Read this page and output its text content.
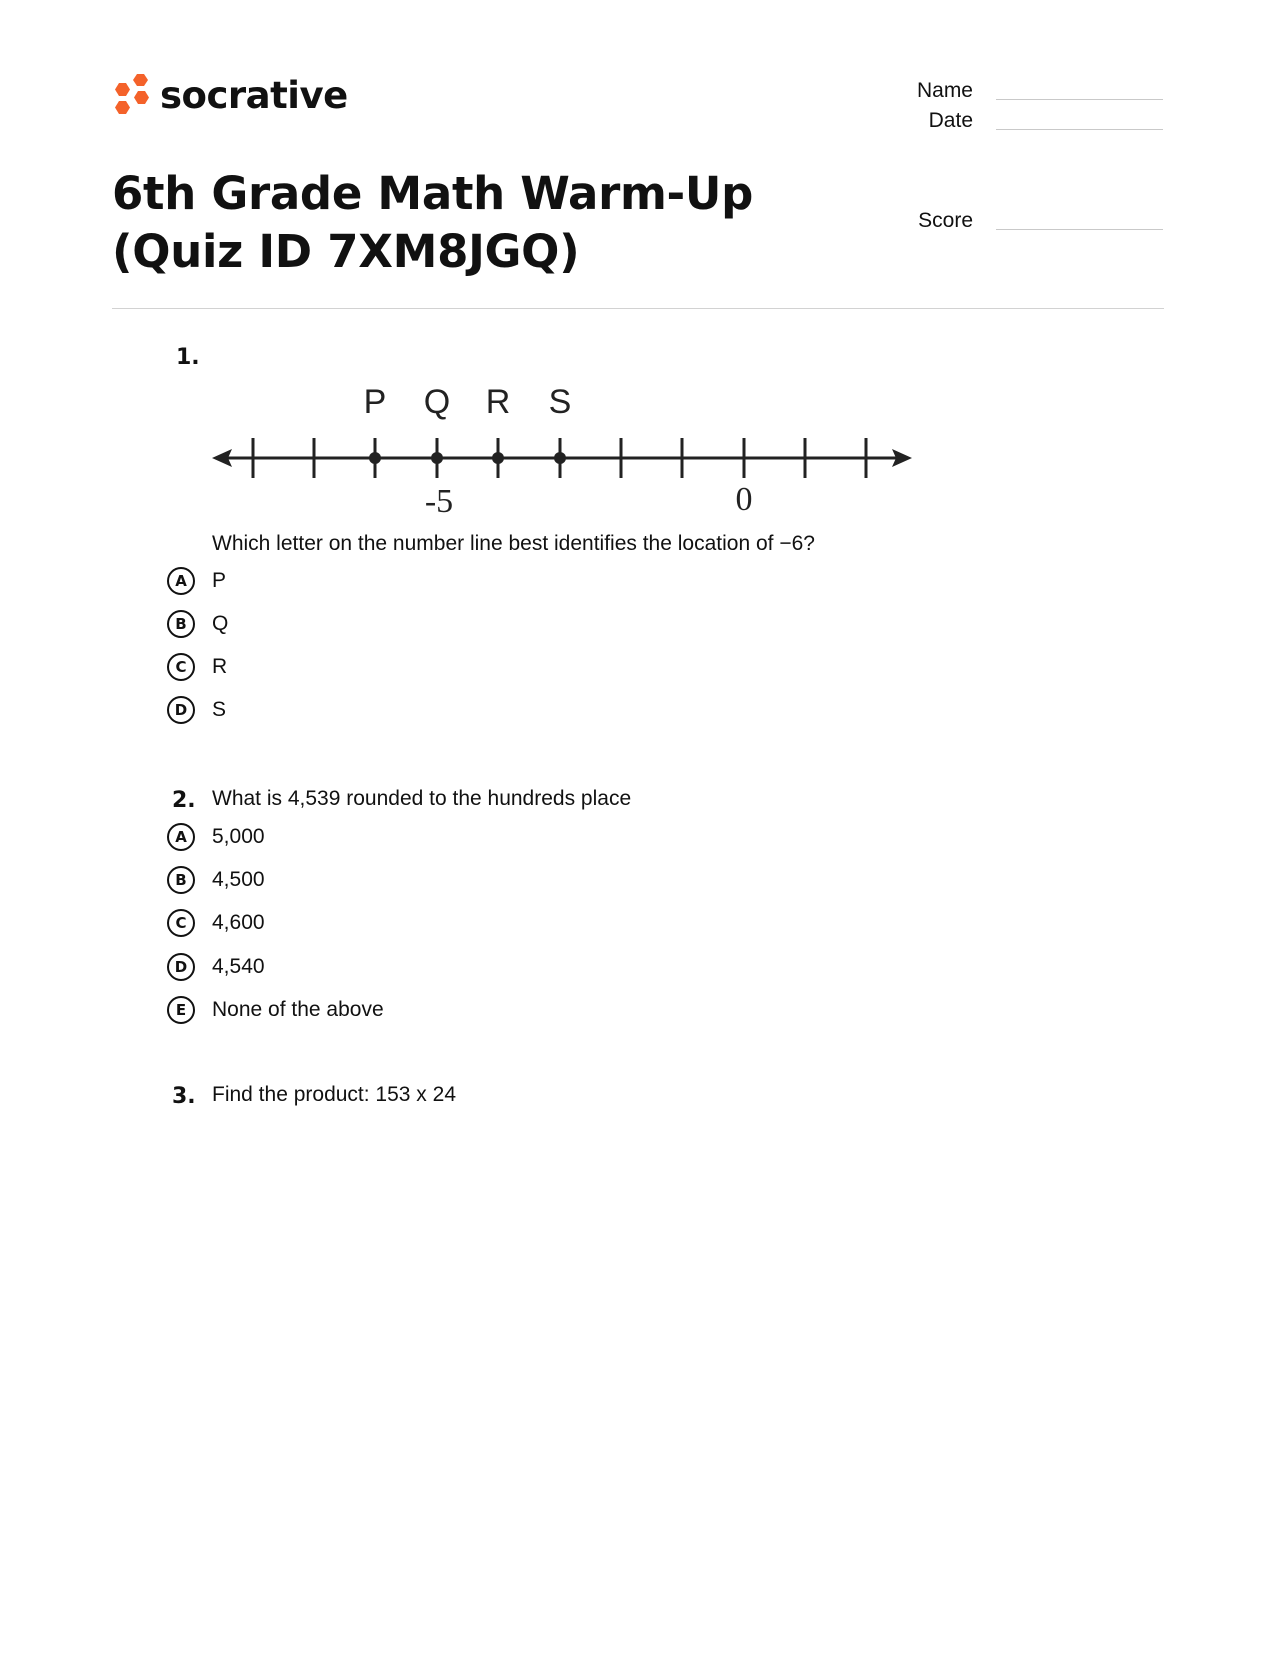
socrative	Name
Date
Score
6th Grade Math Warm-Up (Quiz ID 7XM8JGQ)
1.
P Q R S
-5	0
Which letter on the number line best identifies the location of −6?
A	P
B	Q
C	R
D	S
2. What is 4,539 rounded to the hundreds place
A	5,000
B	4,500
C	4,600
D	4,540
E	None of the above
3. Find the product: 153 x 24
